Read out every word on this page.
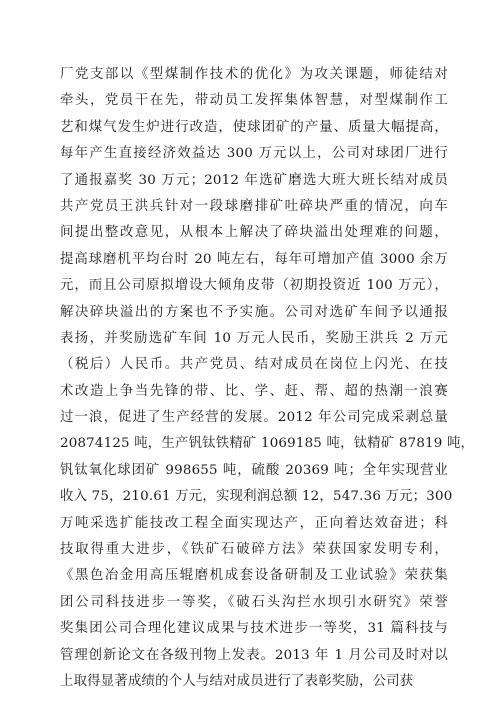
厂党支部以《型煤制作技术的优化》为攻关课题，师徒结对
牵头，党员干在先，带动员工发挥集体智慧，对型煤制作工
艺和煤气发生炉进行改造，使球团矿的产量、质量大幅提高，
每年产生直接经济效益达 300 万元以上，公司对球团厂进行
了通报嘉奖 30 万元；2012 年选矿磨选大班大班长结对成员
共产党员王洪兵针对一段球磨排矿吐碎块严重的情况，向车
间提出整改意见，从根本上解决了碎块溢出处理难的问题，
提高球磨机平均台时 20 吨左右，每年可增加产值 3000 余万
元，而且公司原拟增设大倾角皮带（初期投资近 100 万元），
解决碎块溢出的方案也不予实施。公司对选矿车间予以通报
表扬，并奖励选矿车间 10 万元人民币，奖励王洪兵 2 万元
（税后）人民币。共产党员、结对成员在岗位上闪光、在技
术改造上争当先锋的带、比、学、赶、帮、超的热潮一浪赛
过一浪，促进了生产经营的发展。2012 年公司完成采剥总量
20874125 吨，生产钒钛铁精矿 1069185 吨，钛精矿 87819 吨，
钒钛氧化球团矿 998655 吨，硫酸 20369 吨；全年实现营业
收入 75，210.61 万元，实现利润总额 12，547.36 万元；300
万吨采选扩能技改工程全面实现达产，正向着达效奋进；科
技取得重大进步，《铁矿石破碎方法》荣获国家发明专利，
《黑色冶金用高压辊磨机成套设备研制及工业试验》荣获集
团公司科技进步一等奖，《破石头沟拦水坝引水研究》荣誉
奖集团公司合理化建议成果与技术进步一等奖，31 篇科技与
管理创新论文在各级刊物上发表。2013 年 1 月公司及时对以
上取得显著成绩的个人与结对成员进行了表彰奖励，公司获
